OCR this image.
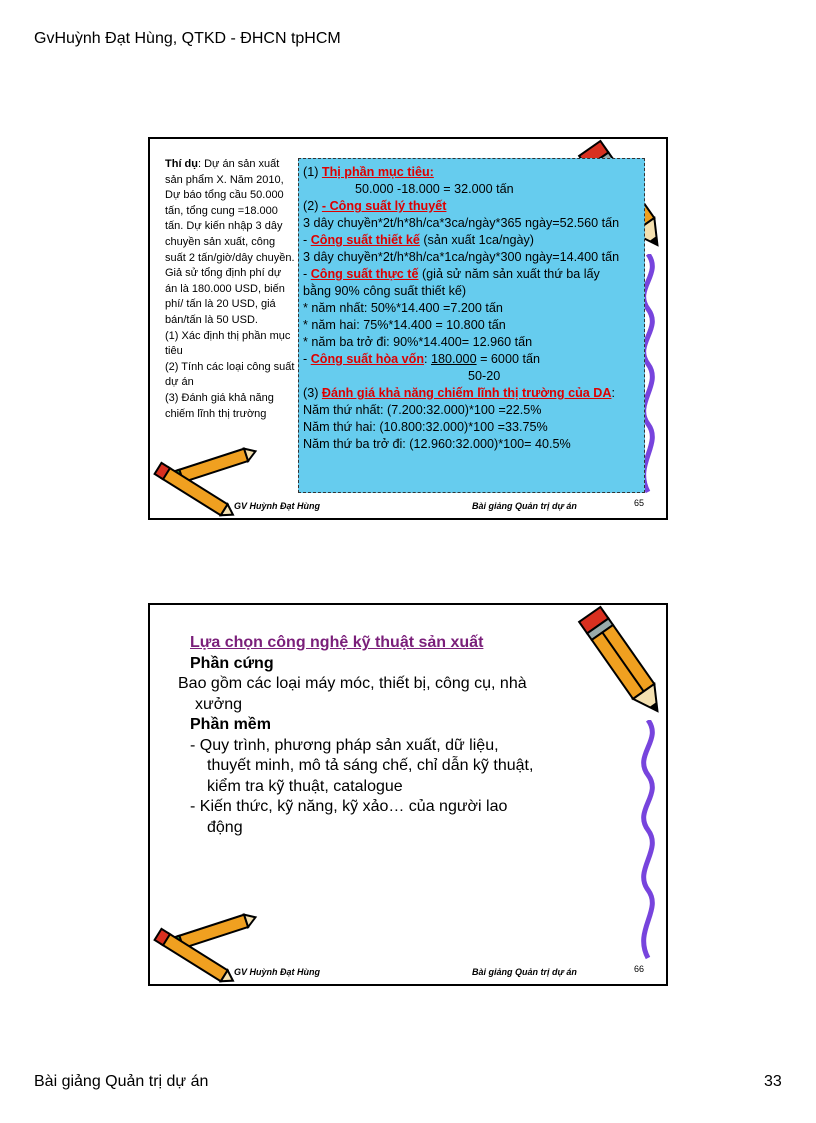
GvHuỳnh Đạt Hùng, QTKD - ĐHCN tpHCM
Thí dụ: Dự án sản xuất sản phẩm X. Năm 2010, Dự báo tổng cầu 50.000 tấn, tổng cung =18.000 tấn. Dự kiến nhập 3 dây chuyền sản xuất, công suất 2 tấn/giờ/dây chuyền. Giả sử tổng định phí dự án là 180.000 USD, biến phí/ tấn là 20 USD, giá bán/tấn là 50 USD.
(1) Xác định thị phần mục tiêu
(2) Tính các loại công suất dự án
(3) Đánh giá khả năng chiếm lĩnh thị trường
(1) Thị phần mục tiêu:
50.000 -18.000 = 32.000 tấn
(2) - Công suất lý thuyết
3 dây chuyền*2t/h*8h/ca*3ca/ngày*365 ngày=52.560 tấn
- Công suất thiết kế (sản xuất 1ca/ngày)
3 dây chuyền*2t/h*8h/ca*1ca/ngày*300 ngày=14.400 tấn
- Công suất thực tế (giả sử năm sản xuất thứ ba lấy
bằng 90% công suất thiết kế)
* năm nhất: 50%*14.400 =7.200 tấn
* năm hai: 75%*14.400 = 10.800 tấn
* năm ba trở đi: 90%*14.400= 12.960 tấn
- Công suất hòa vốn: 180.000 = 6000 tấn
50-20
(3) Đánh giá khả năng chiếm lĩnh thị trường của DA:
Năm thứ nhất: (7.200:32.000)*100 =22.5%
Năm thứ hai: (10.800:32.000)*100 =33.75%
Năm thứ ba trở đi: (12.960:32.000)*100= 40.5%
GV Huỳnh Đạt Hùng	Bài giảng Quản trị dự án	65
Lựa chọn công nghệ kỹ thuật sản xuất
Phần cứng
Bao gồm các loại máy móc, thiết bị, công cụ, nhà xưởng
Phần mềm
- Quy trình, phương pháp sản xuất, dữ liệu, thuyết minh, mô tả sáng chế, chỉ dẫn kỹ thuật, kiểm tra kỹ thuật, catalogue
- Kiến thức, kỹ năng, kỹ xảo… của người lao động
GV Huỳnh Đạt Hùng	Bài giảng Quản trị dự án	66
Bài giảng Quản trị dự án	33
